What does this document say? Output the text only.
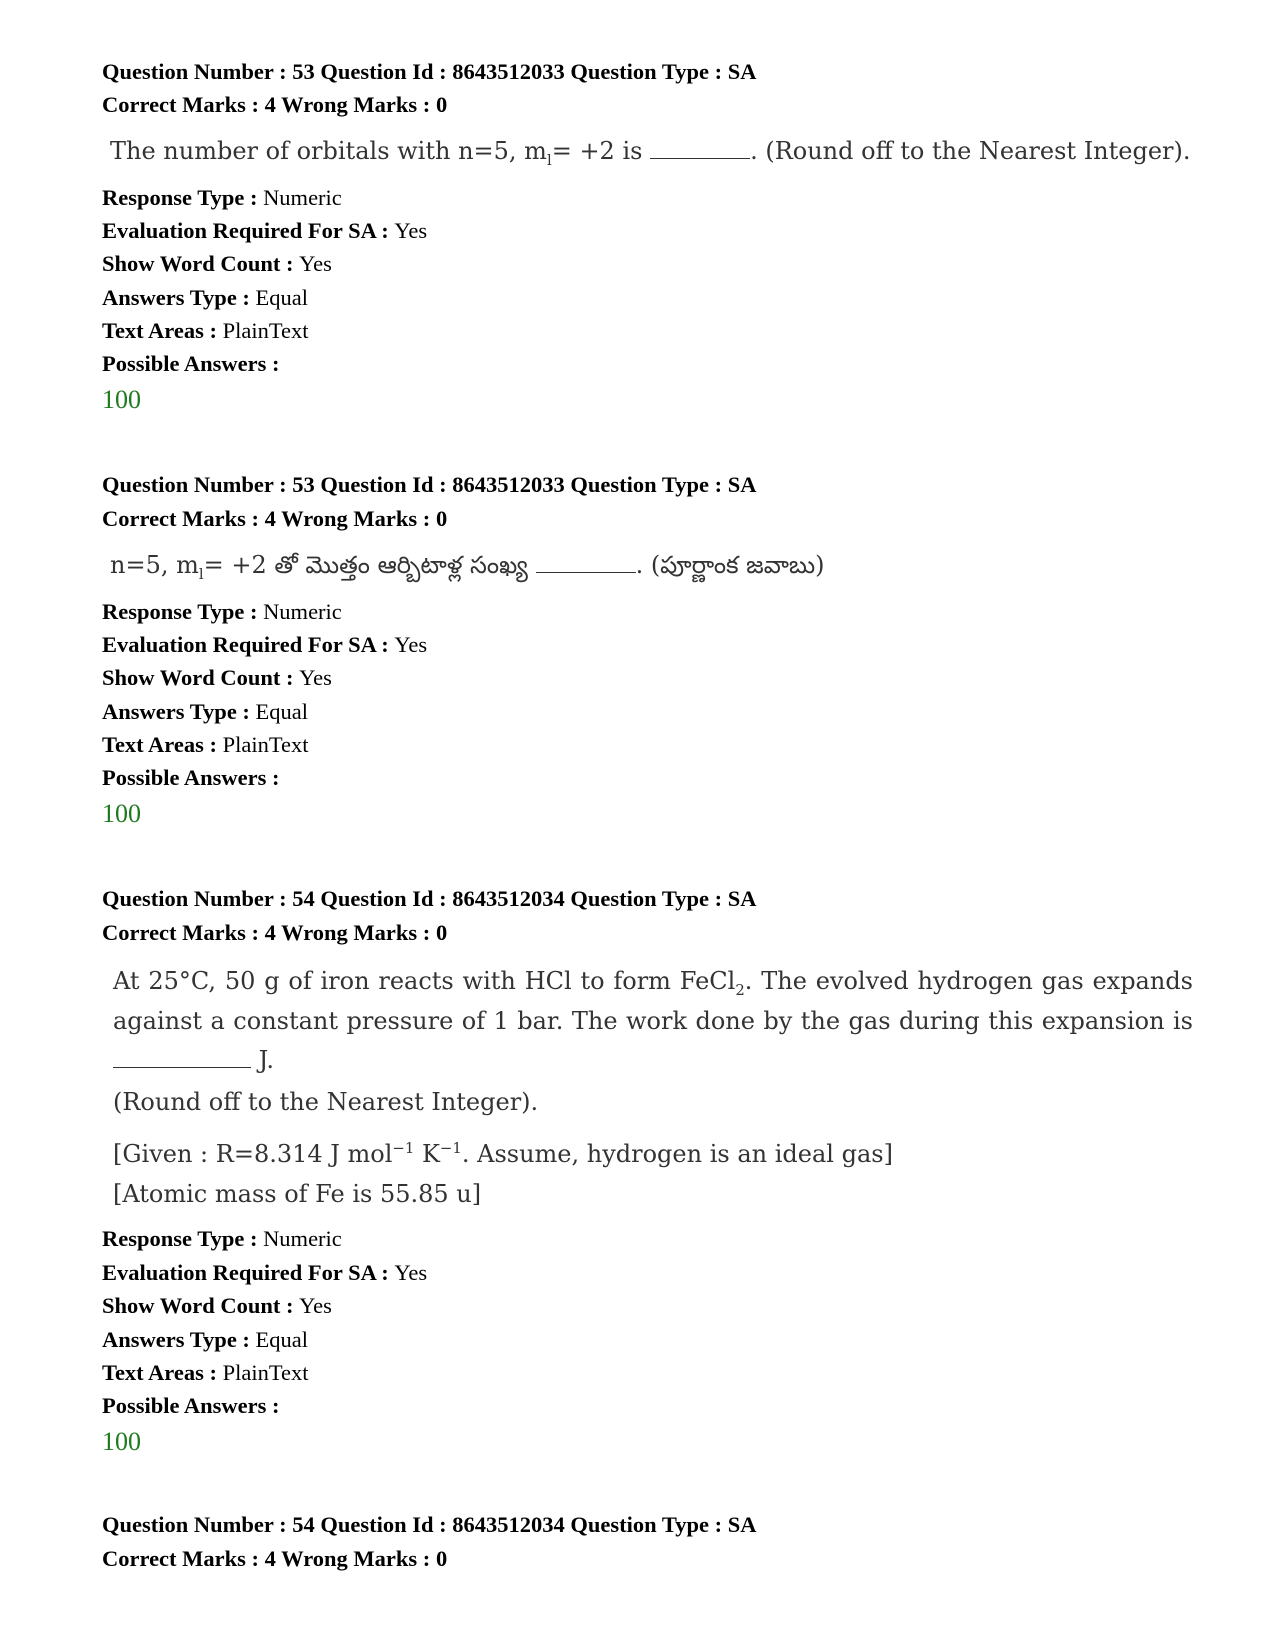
Question Number : 53 Question Id : 8643512033 Question Type : SA
Correct Marks : 4 Wrong Marks : 0
The number of orbitals with n=5, $m_l= +2$ is	. (Round off to the Nearest Integer).
Response Type : Numeric
Evaluation Required For SA : Yes
Show Word Count : Yes
Answers Type : Equal
Text Areas : PlainText
Possible Answers :
100
Question Number : 53 Question Id : 8643512033 Question Type : SA
Correct Marks : 4 Wrong Marks : 0
n=5, $m_l= +2$ తో మొత్తం ఆర్బిటాళ్ల సంఖ్య	. (పూర్ణాంక జవాబు)
Response Type : Numeric
Evaluation Required For SA : Yes
Show Word Count : Yes
Answers Type : Equal
Text Areas : PlainText
Possible Answers :
100
Question Number : 54 Question Id : 8643512034 Question Type : SA
Correct Marks : 4 Wrong Marks : 0
At 25°C, 50 g of iron reacts with HCl to form FeCl$_2$. The evolved hydrogen gas expands
against a constant pressure of 1 bar. The work done by the gas during this expansion is
J.
(Round off to the Nearest Integer).
[Given : R=8.314 J mol$^{-1}$ $K^{-1}$. Assume, hydrogen is an ideal gas]
[Atomic mass of Fe is 55.85 u]
Response Type : Numeric
Evaluation Required For SA : Yes
Show Word Count : Yes
Answers Type : Equal
Text Areas : PlainText
Possible Answers :
100
Question Number : 54 Question Id : 8643512034 Question Type : SA
Correct Marks : 4 Wrong Marks : 0
